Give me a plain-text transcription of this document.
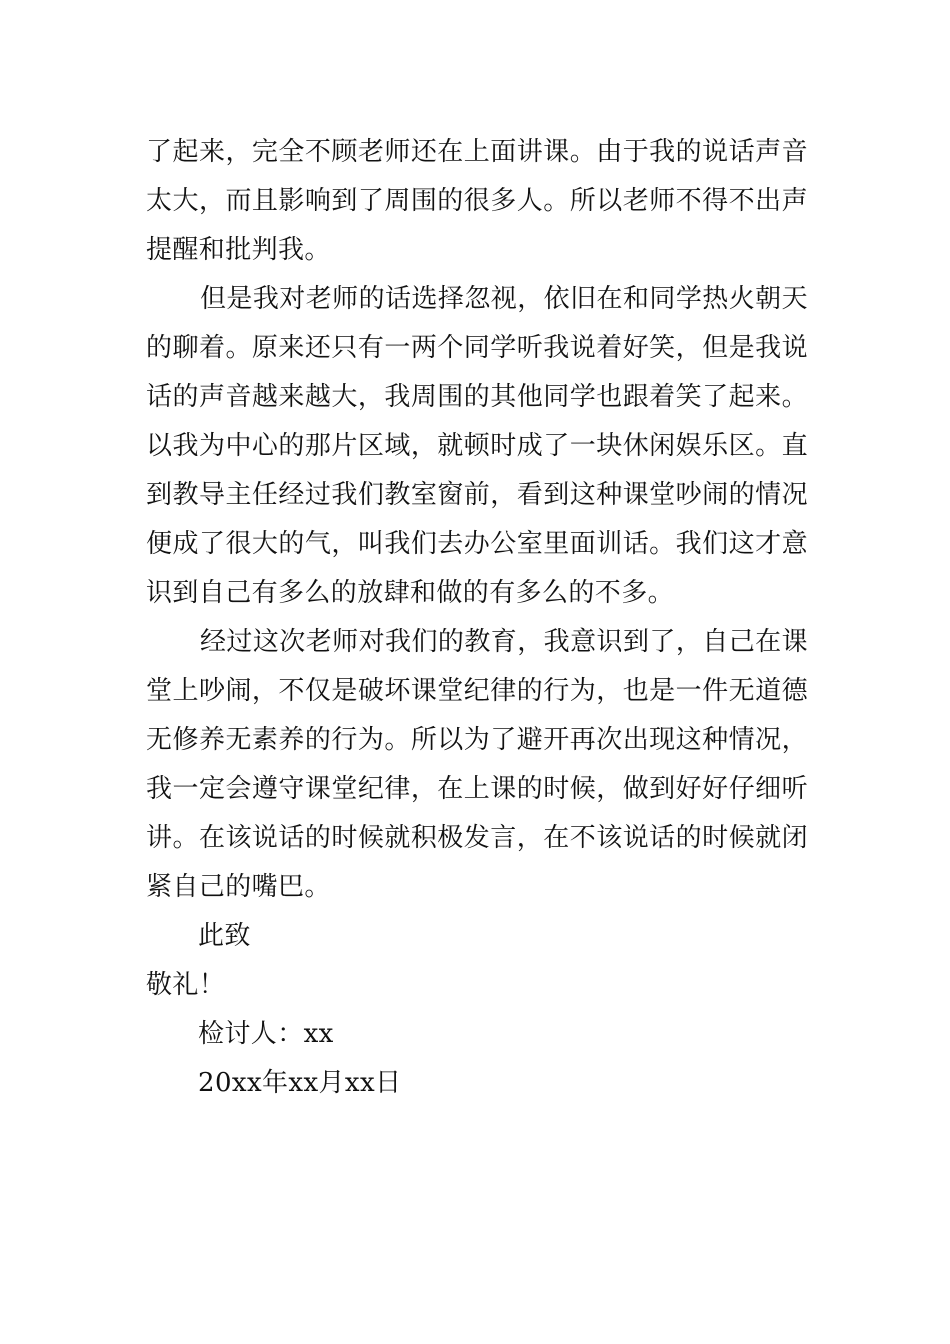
了起来，完全不顾老师还在上面讲课。由于我的说话声音太大，而且影响到了周围的很多人。所以老师不得不出声提醒和批判我。

但是我对老师的话选择忽视，依旧在和同学热火朝天的聊着。原来还只有一两个同学听我说着好笑，但是我说话的声音越来越大，我周围的其他同学也跟着笑了起来。以我为中心的那片区域，就顿时成了一块休闲娱乐区。直到教导主任经过我们教室窗前，看到这种课堂吵闹的情况便成了很大的气，叫我们去办公室里面训话。我们这才意识到自己有多么的放肆和做的有多么的不多。

经过这次老师对我们的教育，我意识到了，自己在课堂上吵闹，不仅是破坏课堂纪律的行为，也是一件无道德无修养无素养的行为。所以为了避开再次出现这种情况，我一定会遵守课堂纪律，在上课的时候，做到好好仔细听讲。在该说话的时候就积极发言，在不该说话的时候就闭紧自己的嘴巴。

此致

敬礼！

检讨人：xx

20xx年xx月xx日
